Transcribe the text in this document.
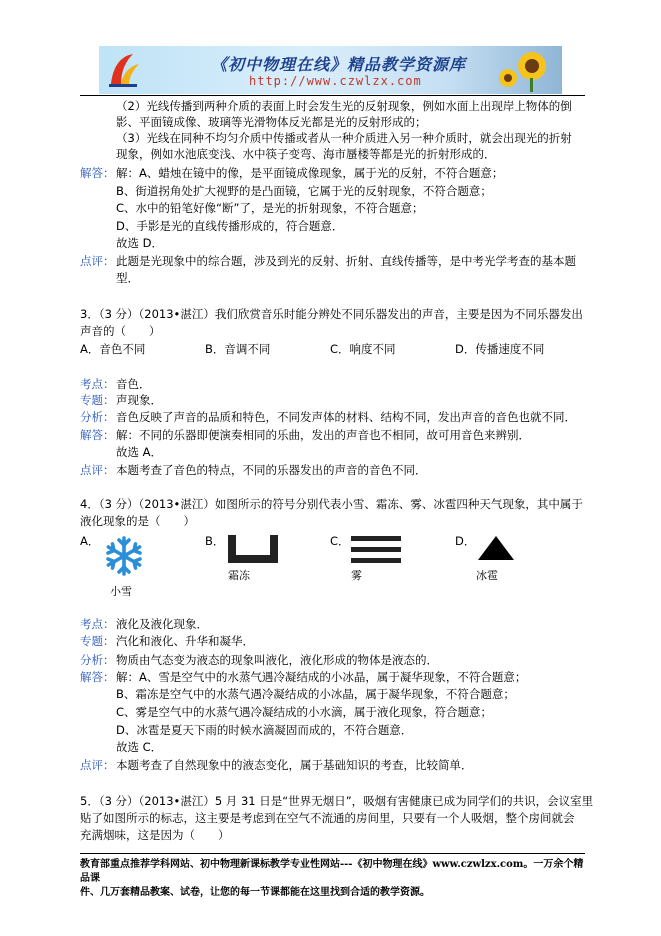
《初中物理在线》精品教学资源库
http://www.czwlzx.com
（2）光线传播到两种介质的表面上时会发生光的反射现象，例如水面上出现岸上物体的倒
影、平面镜成像、玻璃等光滑物体反光都是光的反射形成的；
（3）光线在同种不均匀介质中传播或者从一种介质进入另一种介质时，就会出现光的折射
现象，例如水池底变浅、水中筷子变弯、海市蜃楼等都是光的折射形成的．
解答： 解：A、蜡烛在镜中的像，是平面镜成像现象，属于光的反射，不符合题意；
B、街道拐角处扩大视野的是凸面镜，它属于光的反射现象，不符合题意；
C、水中的铅笔好像“断”了，是光的折射现象，不符合题意；
D、手影是光的直线传播形成的，符合题意．
故选 D．
点评： 此题是光现象中的综合题，涉及到光的反射、折射、直线传播等，是中考光学考查的基本题
型．
3．（3 分）（2013•湛江）我们欣赏音乐时能分辨处不同乐器发出的声音，主要是因为不同乐器发出
声音的（　　）
A．音色不同	B．音调不同	C．响度不同	D．传播速度不同
考点： 音色．
专题： 声现象．
分析： 音色反映了声音的品质和特色，不同发声体的材料、结构不同，发出声音的音色也就不同．
解答： 解：不同的乐器即便演奏相同的乐曲，发出的声音也不相同，故可用音色来辨别．
故选 A．
点评： 本题考查了音色的特点，不同的乐器发出的声音的音色不同．
4．（3 分）（2013•湛江）如图所示的符号分别代表小雪、霜冻、雾、冰雹四种天气现象，其中属于
液化现象的是（　　）
A．
小雪
B．
霜冻
C．
雾
D．
冰雹
考点： 液化及液化现象．
专题： 汽化和液化、升华和凝华．
分析： 物质由气态变为液态的现象叫液化，液化形成的物体是液态的．
解答： 解：A、雪是空气中的水蒸气遇冷凝结成的小冰晶，属于凝华现象，不符合题意；
B、霜冻是空气中的水蒸气遇冷凝结成的小冰晶，属于凝华现象，不符合题意；
C、雾是空气中的水蒸气遇冷凝结成的小水滴，属于液化现象，符合题意；
D、冰雹是夏天下雨的时候水滴凝固而成的，不符合题意．
故选 C．
点评： 本题考查了自然现象中的液态变化，属于基础知识的考查，比较简单．
5．（3 分）（2013•湛江）5 月 31 日是“世界无烟日”，吸烟有害健康已成为同学们的共识，会议室里
贴了如图所示的标志，这主要是考虑到在空气不流通的房间里，只要有一个人吸烟，整个房间就会
充满烟味，这是因为（　　）
教育部重点推荐学科网站、初中物理新课标教学专业性网站---《初中物理在线》www.czwlzx.com。一万余个精品课
件、几万套精品教案、试卷，让您的每一节课都能在这里找到合适的教学资源。
